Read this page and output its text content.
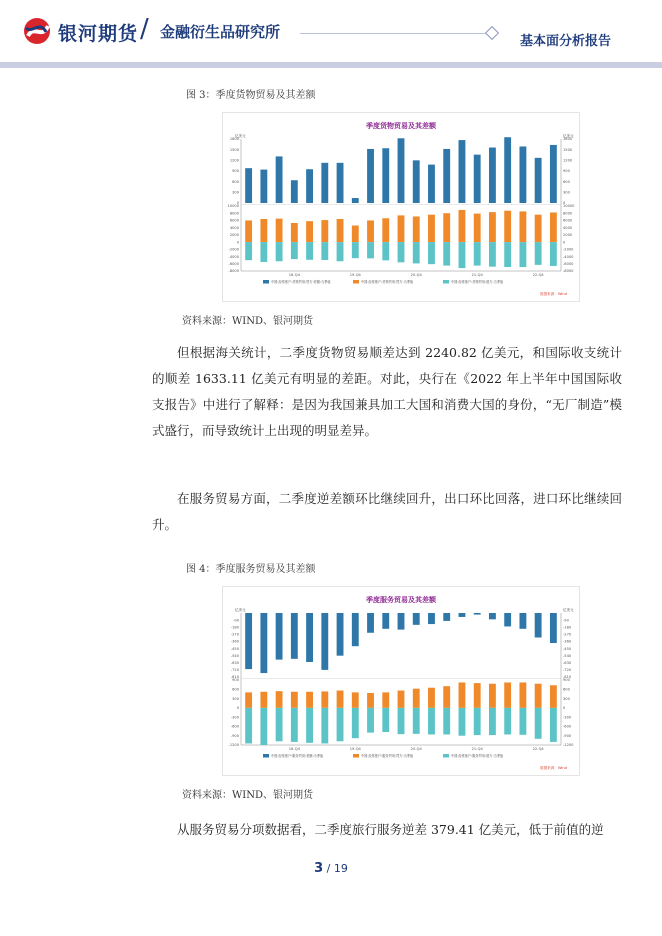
银河期货 / 金融衍生品研究所
基本面分析报告
图 3：季度货物贸易及其差额
季度货物贸易及其差额
亿美元	亿美元
0	0
300	300
600	600
900	900
1200	1200
1500	1500
1800	1800
-8000	-8000
-6000	-6000
-4000	-4000
-2000	-2000
0	0
2000	2000
4000	4000
6000	6000
8000	8000
10000	10000
18-Q4	19-Q4	20-Q4	21-Q4	22-Q4
中国:经常账户:货物贸易:贷方:差额:当季值	中国:经常账户:货物贸易:贷方:当季值	中国:经常账户:货物贸易:借方:当季值
数据来源：Wind
资料来源：WIND、银河期货

但根据海关统计，二季度货物贸易顺差达到 2240.82 亿美元，和国际收支统计的顺差 1633.11 亿美元有明显的差距。对此，央行在《2022 年上半年中国国际收支报告》中进行了解释：是因为我国兼具加工大国和消费大国的身份，“无厂制造”模式盛行，而导致统计上出现的明显差异。

在服务贸易方面，二季度逆差额环比继续回升，出口环比回落，进口环比继续回升。

图 4：季度服务贸易及其差额
季度服务贸易及其差额
亿美元	亿美元
-810	-810
-720	-720
-630	-630
-540	-540
-450	-450
-360	-360
-270	-270
-180	-180
-90	-90
-1200	-1200
-900	-900
-600	-600
-300	-300
0	0
300	300
600	600
900	900
18-Q4	19-Q4	20-Q4	21-Q4	22-Q4
中国:经常账户:服务贸易:差额:当季值	中国:经常账户:服务贸易:贷方:当季值	中国:经常账户:服务贸易:借方:当季值
数据来源：Wind
资料来源：WIND、银河期货

从服务贸易分项数据看，二季度旅行服务逆差 379.41 亿美元，低于前值的逆

3 / 19
